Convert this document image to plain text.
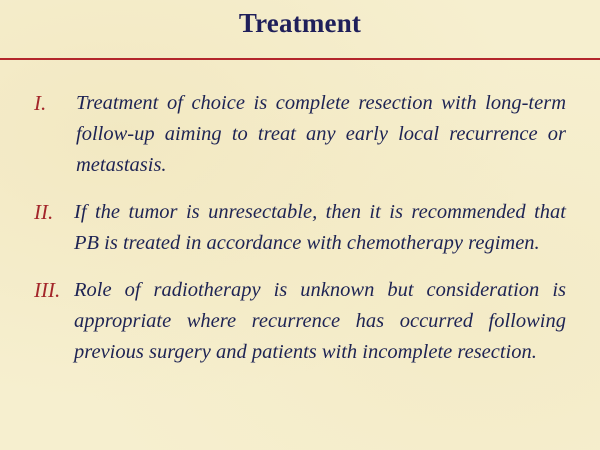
Treatment
I.	Treatment of choice is complete resection with long-term follow-up aiming to treat any early local recurrence or metastasis.
II.	If the tumor is unresectable, then it is recommended that PB is treated in accordance with chemotherapy regimen.
III. Role of radiotherapy is unknown but consideration is appropriate where recurrence has occurred following previous surgery and patients with incomplete resection.
